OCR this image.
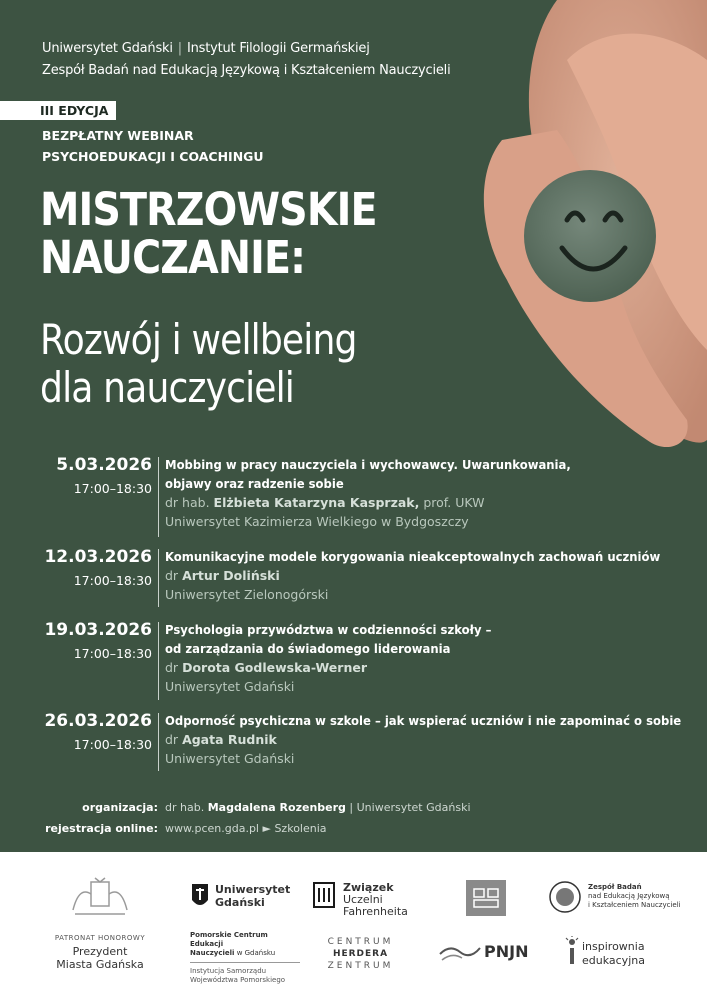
Uniwersytet Gdański | Instytut Filologii Germańskiej
Zespół Badań nad Edukacją Językową i Kształceniem Nauczycieli
III EDYCJA
BEZPŁATNY WEBINAR
PSYCHOEDUKACJI I COACHINGU
MISTRZOWSKIE
NAUCZANIE:
Rozwój i wellbeing
dla nauczycieli
5.03.2026
17:00–18:30
Mobbing w pracy nauczyciela i wychowawcy. Uwarunkowania,
objawy oraz radzenie sobie
dr hab. Elżbieta Katarzyna Kasprzak, prof. UKW
Uniwersytet Kazimierza Wielkiego w Bydgoszczy
12.03.2026
17:00–18:30
Komunikacyjne modele korygowania nieakceptowalnych zachowań uczniów
dr Artur Doliński
Uniwersytet Zielonogórski
19.03.2026
17:00–18:30
Psychologia przywództwa w codzienności szkoły –
od zarządzania do świadomego liderowania
dr Dorota Godlewska-Werner
Uniwersytet Gdański
26.03.2026
17:00–18:30
Odporność psychiczna w szkole – jak wspierać uczniów i nie zapominać o sobie
dr Agata Rudnik
Uniwersytet Gdański
organizacja: dr hab. Magdalena Rozenberg | Uniwersytet Gdański
rejestracja online: www.pcen.gda.pl ► Szkolenia
PATRONAT HONOROWY
Prezydent
Miasta Gdańska
Uniwersytet
Gdański
Pomorskie Centrum Edukacji
Nauczycieli w Gdańsku
Instytucja Samorządu
Województwa Pomorskiego
Związek
Uczelni
Fahrenheita
CENTRUM
HERDERA
ZENTRUM
PNJN
Zespół Badań
nad Edukacją Językową
i Kształceniem Nauczycieli
inspirownia
edukacyjna
